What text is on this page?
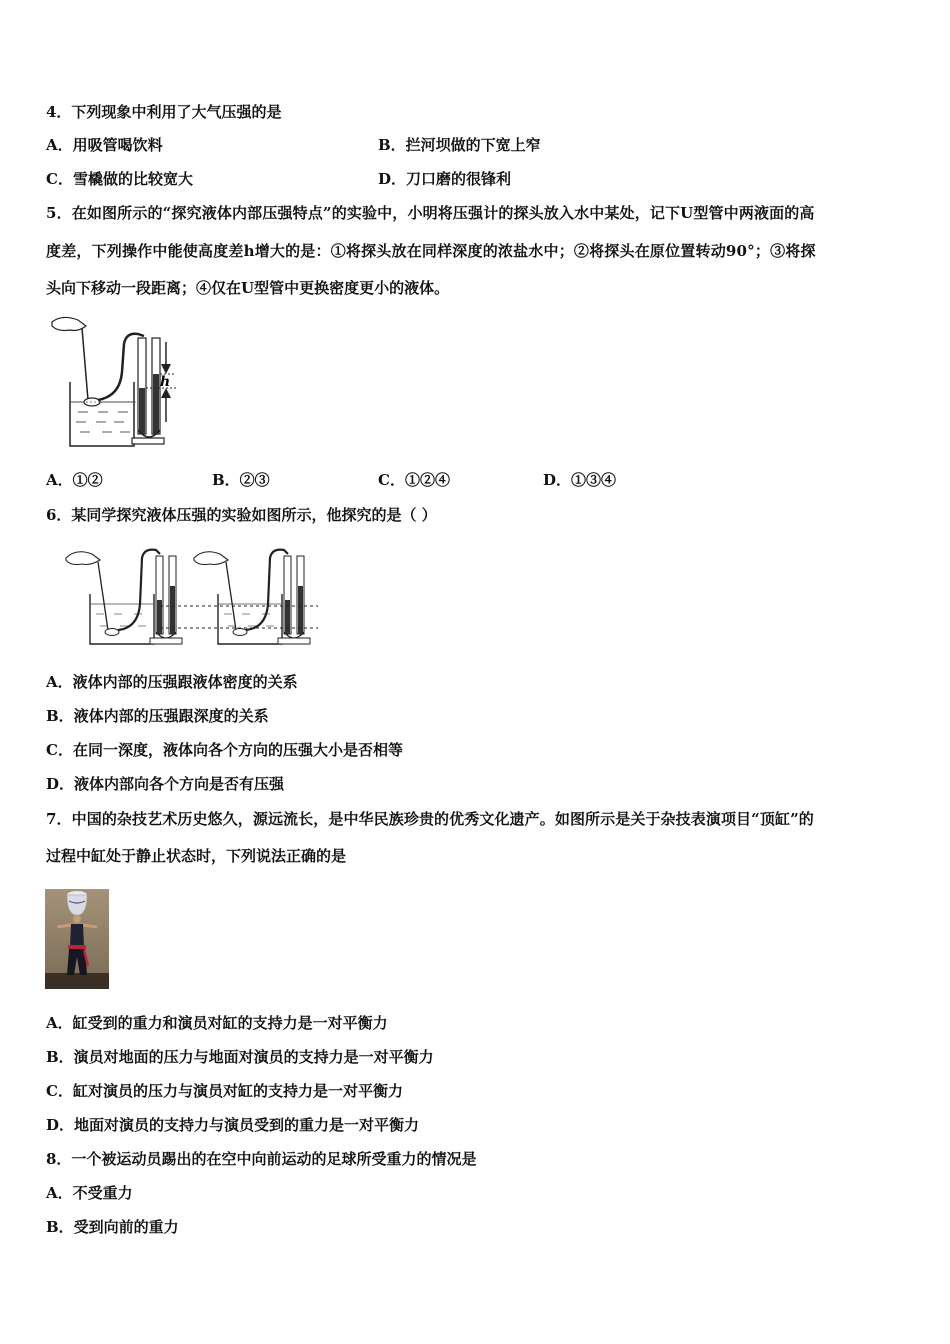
4．下列现象中利用了大气压强的是
A．用吸管喝饮料	B．拦河坝做的下宽上窄
C．雪橇做的比较宽大	D．刀口磨的很锋利
5．在如图所示的“探究液体内部压强特点”的实验中，小明将压强计的探头放入水中某处，记下U型管中两液面的高
度差，下列操作中能使高度差h增大的是：①将探头放在同样深度的浓盐水中；②将探头在原位置转动90°；③将探
头向下移动一段距离；④仅在U型管中更换密度更小的液体。
h
A．①②	B．②③	C．①②④	D．①③④
6．某同学探究液体压强的实验如图所示，他探究的是（ ）
A．液体内部的压强跟液体密度的关系
B．液体内部的压强跟深度的关系
C．在同一深度，液体向各个方向的压强大小是否相等
D．液体内部向各个方向是否有压强
7．中国的杂技艺术历史悠久，源远流长，是中华民族珍贵的优秀文化遗产。如图所示是关于杂技表演项目“顶缸”的
过程中缸处于静止状态时，下列说法正确的是
A．缸受到的重力和演员对缸的支持力是一对平衡力
B．演员对地面的压力与地面对演员的支持力是一对平衡力
C．缸对演员的压力与演员对缸的支持力是一对平衡力
D．地面对演员的支持力与演员受到的重力是一对平衡力
8．一个被运动员踢出的在空中向前运动的足球所受重力的情况是
A．不受重力
B．受到向前的重力
